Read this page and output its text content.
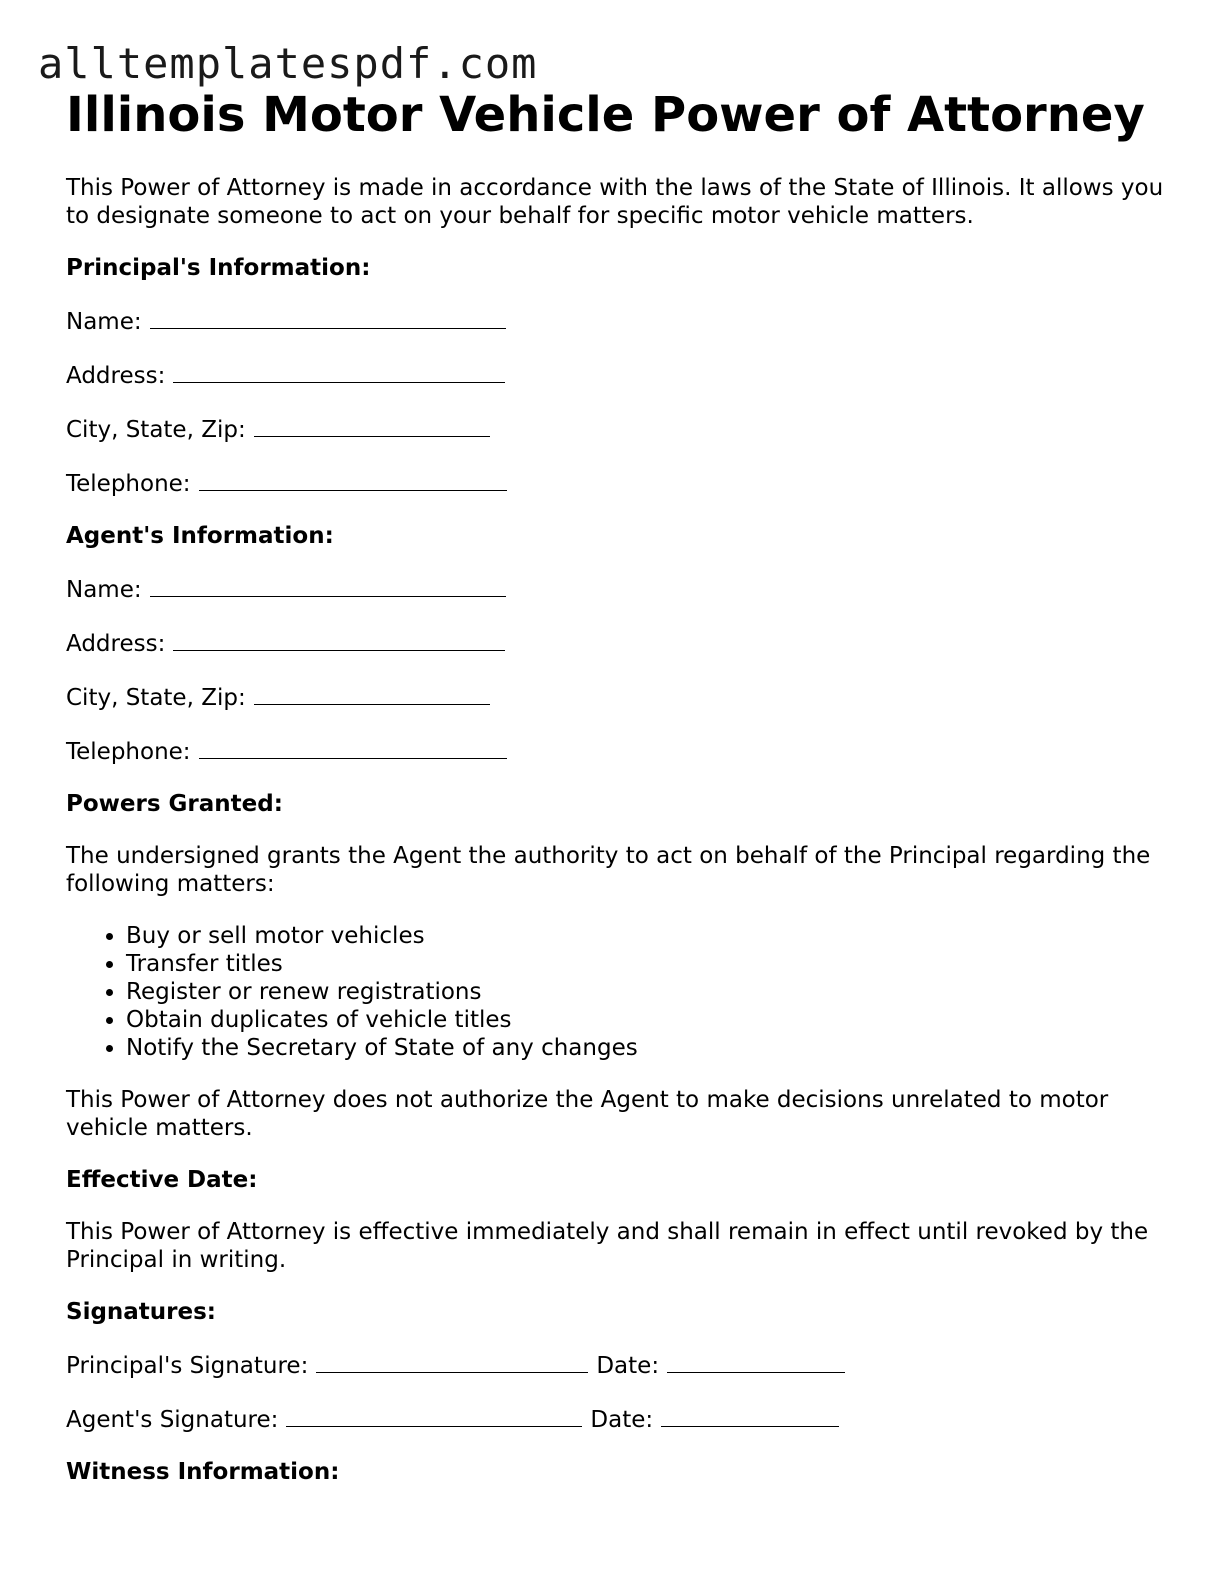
alltemplatespdf.com
Illinois Motor Vehicle Power of Attorney

This Power of Attorney is made in accordance with the laws of the State of Illinois. It allows you to designate someone to act on your behalf for specific motor vehicle matters.

Principal's Information:

Name:

Address:

City, State, Zip:

Telephone:

Agent's Information:

Name:

Address:

City, State, Zip:

Telephone:

Powers Granted:

The undersigned grants the Agent the authority to act on behalf of the Principal regarding the following matters:

• Buy or sell motor vehicles
• Transfer titles
• Register or renew registrations
• Obtain duplicates of vehicle titles
• Notify the Secretary of State of any changes

This Power of Attorney does not authorize the Agent to make decisions unrelated to motor vehicle matters.

Effective Date:

This Power of Attorney is effective immediately and shall remain in effect until revoked by the Principal in writing.

Signatures:

Principal's Signature:	Date:

Agent's Signature:	Date:

Witness Information:
